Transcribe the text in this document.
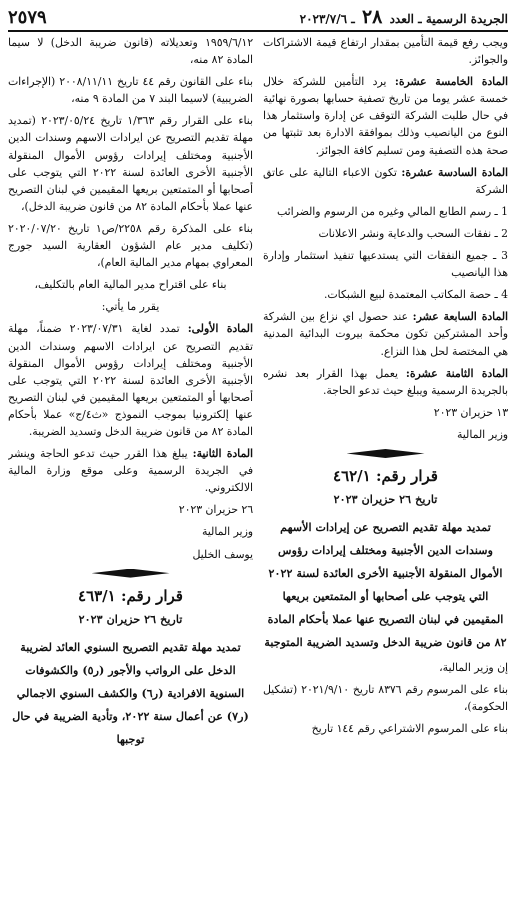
الجريدة الرسمية ـ العدد ٢٨ ـ ٢٠٢٣/٧/٦
٢٥٧٩

ويجب رفع قيمة التأمين بمقدار ارتفاع قيمة الاشتراكات والجوائز.

المادة الخامسة عشرة: يرد التأمين للشركة خلال خمسة عشر يوما من تاريخ تصفية حسابها بصورة نهائية في حال طلبت الشركة التوقف عن إدارة واستثمار هذا النوع من اليانصيب وذلك بموافقة الادارة بعد تثبتها من صحة هذه التصفية ومن تسليم كافة الجوائز.

المادة السادسة عشرة: تكون الاعباء التالية على عاتق الشركة

1 ـ رسم الطابع المالي وغيره من الرسوم والضرائب

2 ـ نفقات السحب والدعاية ونشر الاعلانات

3 ـ جميع النفقات التي يستدعيها تنفيذ استثمار وإدارة هذا اليانصيب

4 ـ حصة المكاتب المعتمدة لبيع الشبكات.

المادة السابعة عشر: عند حصول اي نزاع بين الشركة وأحد المشتركين تكون محكمة بيروت البدائية المدنية هي المختصة لحل هذا النزاع.

المادة الثامنة عشرة: يعمل بهذا القرار بعد نشره بالجريدة الرسمية ويبلغ حيث تدعو الحاجة.

١٣ حزيران ٢٠٢٣

وزير المالية

قرار رقم: ٤٦٢/١

تاريخ ٢٦ حزيران ٢٠٢٣

تمديد مهلة تقديم التصريح عن إيرادات الأسهم وسندات الدين الأجنبية ومختلف إيرادات رؤوس الأموال المنقولة الأجنبية الأخرى العائدة لسنة ٢٠٢٢ التي يتوجب على أصحابها أو المتمتعين بريعها المقيمين في لبنان التصريح عنها عملا بأحكام المادة ٨٢ من قانون ضريبة الدخل وتسديد الضريبة المتوجبة

إن وزير المالية،

بناء على المرسوم رقم ٨٣٧٦ تاريخ ٢٠٢١/٩/١٠ (تشكيل الحكومة)،

بناء على المرسوم الاشتراعي رقم ١٤٤ تاريخ

١٩٥٩/٦/١٢ وتعديلاته (قانون ضريبة الدخل) لا سيما المادة ٨٢ منه،

بناء على القانون رقم ٤٤ تاريخ ٢٠٠٨/١١/١١ (الإجراءات الضريبية) لاسيما البند ٧ من المادة ٩ منه،

بناء على القرار رقم ١/٣٦٣ تاريخ ٢٠٢٣/٠٥/٢٤ (تمديد مهلة تقديم التصريح عن ايرادات الاسهم وسندات الدين الأجنبية ومختلف إيرادات رؤوس الأموال المنقولة الأجنبية الأخرى العائدة لسنة ٢٠٢٢ التي يتوجب على أصحابها أو المتمتعين بريعها المقيمين في لبنان التصريح عنها عملا بأحكام المادة ٨٢ من قانون ضريبة الدخل)،

بناء على المذكرة رقم ٢٢٥٨/ص١ تاريخ ٢٠٢٠/٠٧/٢٠ (تكليف مدير عام الشؤون العقارية السيد جورج المعراوي بمهام مدير المالية العام)،

بناء على اقتراح مدير المالية العام بالتكليف،

يقرر ما يأتي:

المادة الأولى: تمدد لغاية ٢٠٢٣/٠٧/٣١ ضمناً، مهلة تقديم التصريح عن ايرادات الاسهم وسندات الدين الأجنبية ومختلف إيرادات رؤوس الأموال المنقولة الأجنبية الأخرى العائدة لسنة ٢٠٢٢ التي يتوجب على أصحابها أو المتمتعين بريعها المقيمين في لبنان التصريح عنها إلكترونيا بموجب النموذج «ث٤/ج» عملا بأحكام المادة ٨٢ من قانون ضريبة الدخل وتسديد الضريبة.

المادة الثانية: يبلغ هذا القرر حيث تدعو الحاجة وينشر في الجريدة الرسمية وعلى موقع وزارة المالية الالكتروني.

٢٦ حزيران ٢٠٢٣

وزير المالية

يوسف الخليل

قرار رقم: ٤٦٣/١

تاريخ ٢٦ حزيران ٢٠٢٣

تمديد مهلة تقديم التصريح السنوي العائد لضريبة الدخل على الرواتب والأجور (ر٥) والكشوفات السنوية الافرادية (ر٦) والكشف السنوي الاجمالي (ر٧) عن أعمال سنة ٢٠٢٢، وتأدية الضريبة في حال توجبها
